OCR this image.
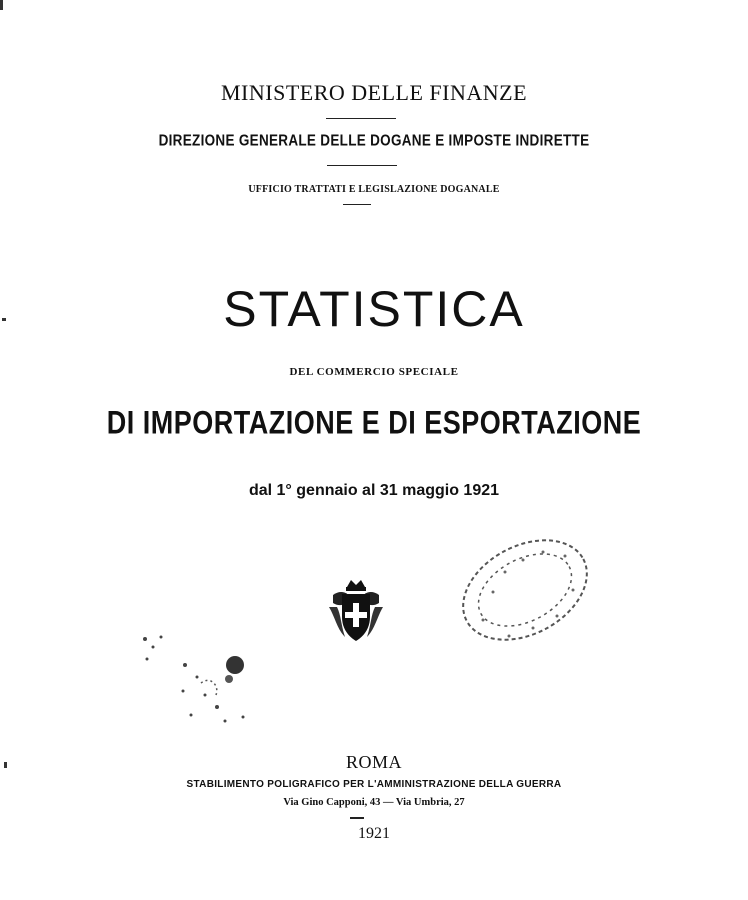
MINISTERO DELLE FINANZE
DIREZIONE GENERALE DELLE DOGANE E IMPOSTE INDIRETTE
UFFICIO TRATTATI E LEGISLAZIONE DOGANALE
STATISTICA
DEL COMMERCIO SPECIALE
DI IMPORTAZIONE E DI ESPORTAZIONE
dal 1° gennaio al 31 maggio 1921
ROMA
STABILIMENTO POLIGRAFICO PER L'AMMINISTRAZIONE DELLA GUERRA
Via Gino Capponi, 43 — Via Umbria, 27
1921
